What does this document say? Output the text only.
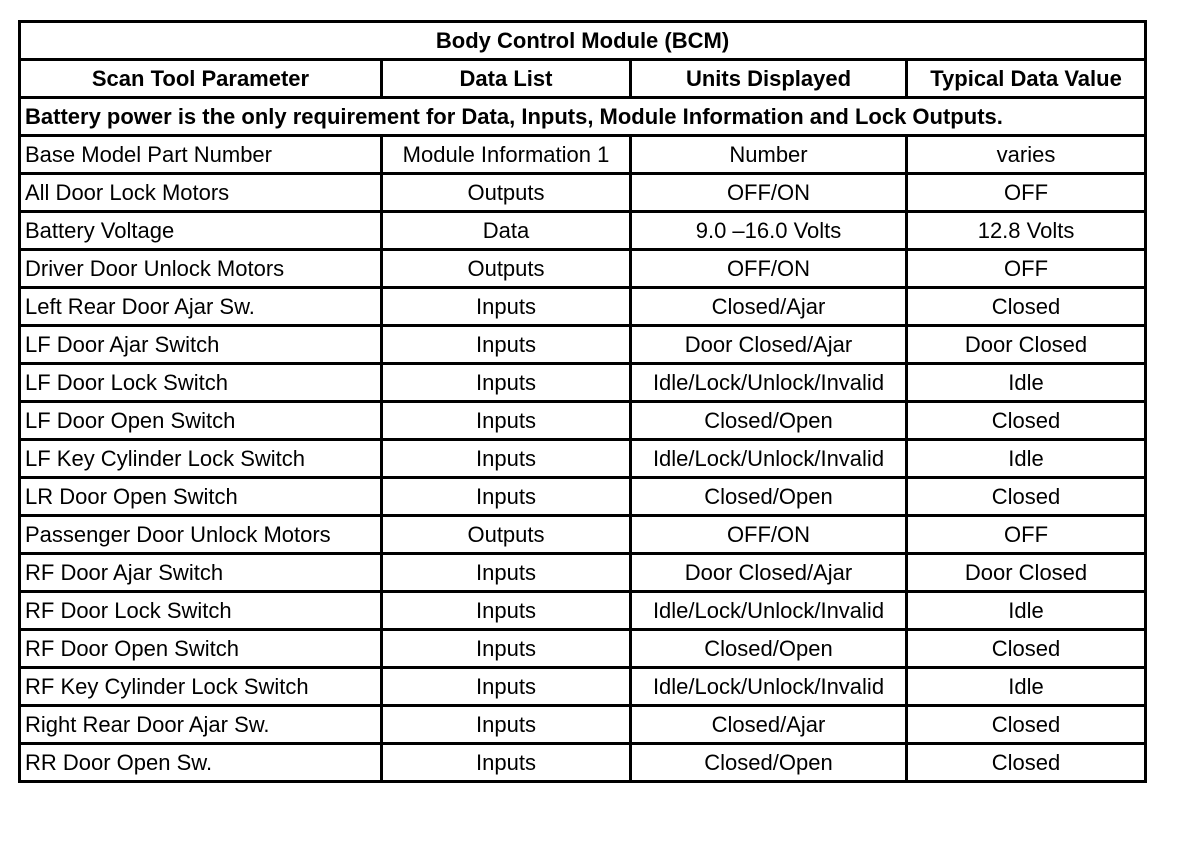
Body Control Module (BCM)			
Scan Tool Parameter	Data List	Units Displayed	Typical Data Value
Battery power is the only requirement for Data, Inputs, Module Information and Lock Outputs.			
Base Model Part Number	Module Information 1	Number	varies
All Door Lock Motors	Outputs	OFF/ON	OFF
Battery Voltage	Data	9.0 –16.0 Volts	12.8 Volts
Driver Door Unlock Motors	Outputs	OFF/ON	OFF
Left Rear Door Ajar Sw.	Inputs	Closed/Ajar	Closed
LF Door Ajar Switch	Inputs	Door Closed/Ajar	Door Closed
LF Door Lock Switch	Inputs	Idle/Lock/Unlock/Invalid	Idle
LF Door Open Switch	Inputs	Closed/Open	Closed
LF Key Cylinder Lock Switch	Inputs	Idle/Lock/Unlock/Invalid	Idle
LR Door Open Switch	Inputs	Closed/Open	Closed
Passenger Door Unlock Motors	Outputs	OFF/ON	OFF
RF Door Ajar Switch	Inputs	Door Closed/Ajar	Door Closed
RF Door Lock Switch	Inputs	Idle/Lock/Unlock/Invalid	Idle
RF Door Open Switch	Inputs	Closed/Open	Closed
RF Key Cylinder Lock Switch	Inputs	Idle/Lock/Unlock/Invalid	Idle
Right Rear Door Ajar Sw.	Inputs	Closed/Ajar	Closed
RR Door Open Sw.	Inputs	Closed/Open	Closed
